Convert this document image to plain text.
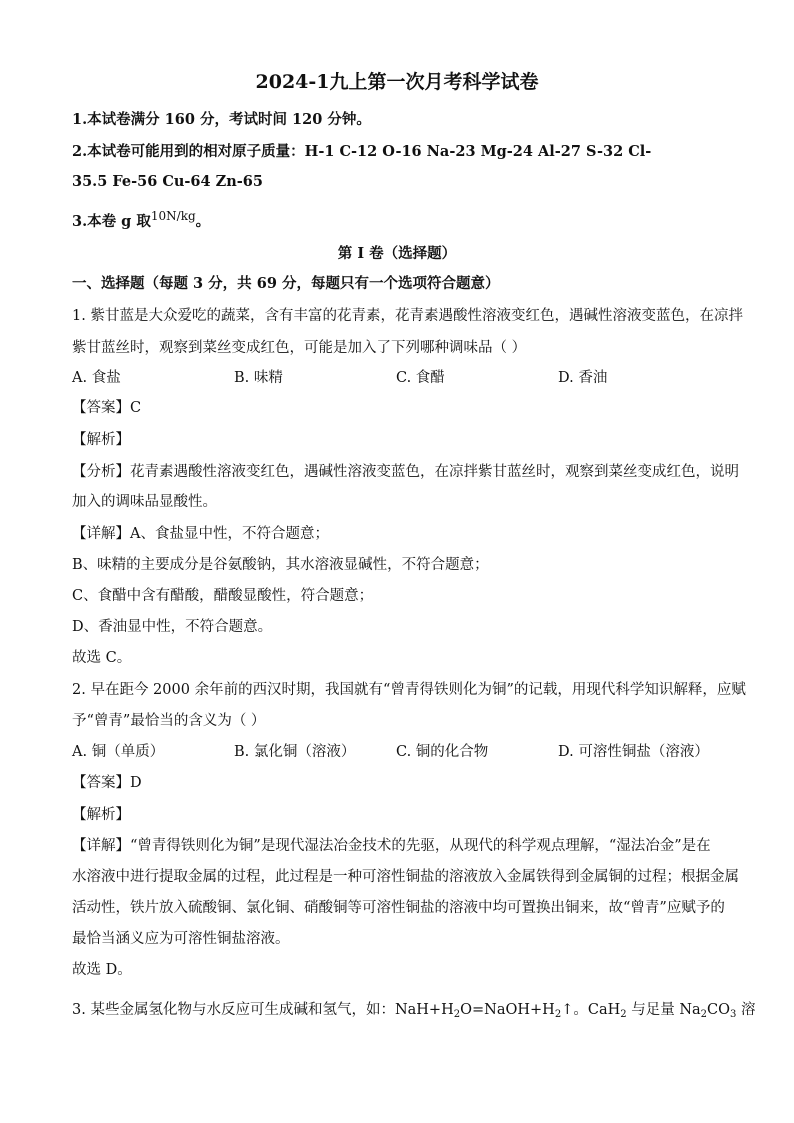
2024-1九上第一次月考科学试卷
1.本试卷满分 160 分，考试时间 120 分钟。
2.本试卷可能用到的相对原子质量：H-1 C-12 O-16 Na-23 Mg-24 Al-27 S-32 Cl-
35.5 Fe-56 Cu-64 Zn-65
3.本卷 g 取$^{10N/kg}$。
第 I 卷（选择题）
一、选择题（每题 3 分，共 69 分，每题只有一个选项符合题意）
1. 紫甘蓝是大众爱吃的蔬菜，含有丰富的花青素，花青素遇酸性溶液变红色，遇碱性溶液变蓝色，在凉拌
紫甘蓝丝时，观察到菜丝变成红色，可能是加入了下列哪种调味品（ ）
A. 食盐	B. 味精	C. 食醋	D. 香油
【答案】C
【解析】
【分析】花青素遇酸性溶液变红色，遇碱性溶液变蓝色，在凉拌紫甘蓝丝时，观察到菜丝变成红色，说明
加入的调味品显酸性。
【详解】A、食盐显中性，不符合题意；
B、味精的主要成分是谷氨酸钠，其水溶液显碱性，不符合题意；
C、食醋中含有醋酸，醋酸显酸性，符合题意；
D、香油显中性，不符合题意。
故选 C。
2. 早在距今 2000 余年前的西汉时期，我国就有“曾青得铁则化为铜”的记载，用现代科学知识解释，应赋
予“曾青”最恰当的含义为（ ）
A. 铜（单质）	B. 氯化铜（溶液）	C. 铜的化合物	D. 可溶性铜盐（溶液）
【答案】D
【解析】
【详解】“曾青得铁则化为铜”是现代湿法冶金技术的先驱，从现代的科学观点理解，“湿法冶金”是在
水溶液中进行提取金属的过程，此过程是一种可溶性铜盐的溶液放入金属铁得到金属铜的过程；根据金属
活动性，铁片放入硫酸铜、氯化铜、硝酸铜等可溶性铜盐的溶液中均可置换出铜来，故“曾青”应赋予的
最恰当涵义应为可溶性铜盐溶液。
故选 D。
3. 某些金属氢化物与水反应可生成碱和氢气，如：$NaH+H_2O=NaOH+H_2↑$。CaH$_2$ 与足量 $Na_2CO_3$ 溶
